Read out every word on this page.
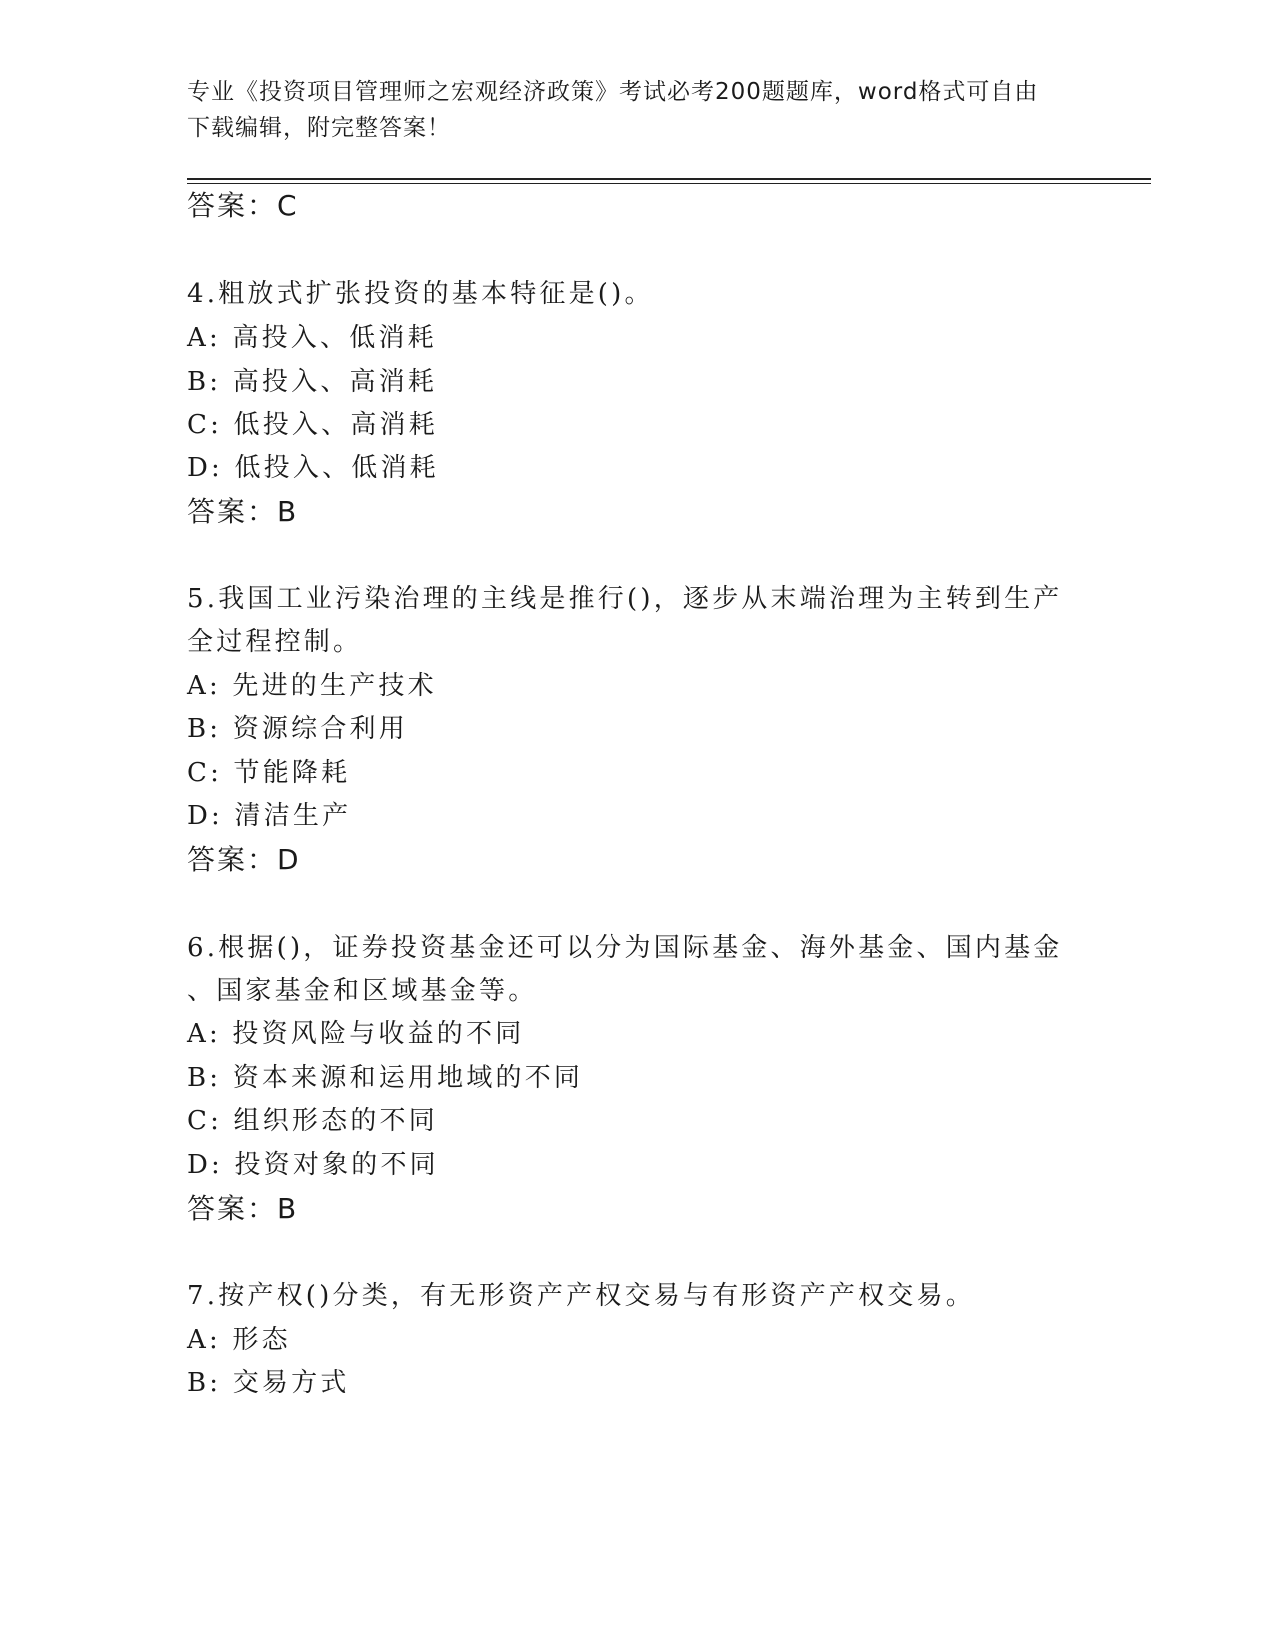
专业《投资项目管理师之宏观经济政策》考试必考200题题库，word格式可自由
下载编辑，附完整答案！
答案：C
4.粗放式扩张投资的基本特征是()。
A: 高投入、低消耗
B: 高投入、高消耗
C: 低投入、高消耗
D: 低投入、低消耗
答案：B
5.我国工业污染治理的主线是推行()，逐步从末端治理为主转到生产
全过程控制。
A: 先进的生产技术
B: 资源综合利用
C: 节能降耗
D: 清洁生产
答案：D
6.根据()，证券投资基金还可以分为国际基金、海外基金、国内基金
、国家基金和区域基金等。
A: 投资风险与收益的不同
B: 资本来源和运用地域的不同
C: 组织形态的不同
D: 投资对象的不同
答案：B
7.按产权()分类，有无形资产产权交易与有形资产产权交易。
A: 形态
B: 交易方式
